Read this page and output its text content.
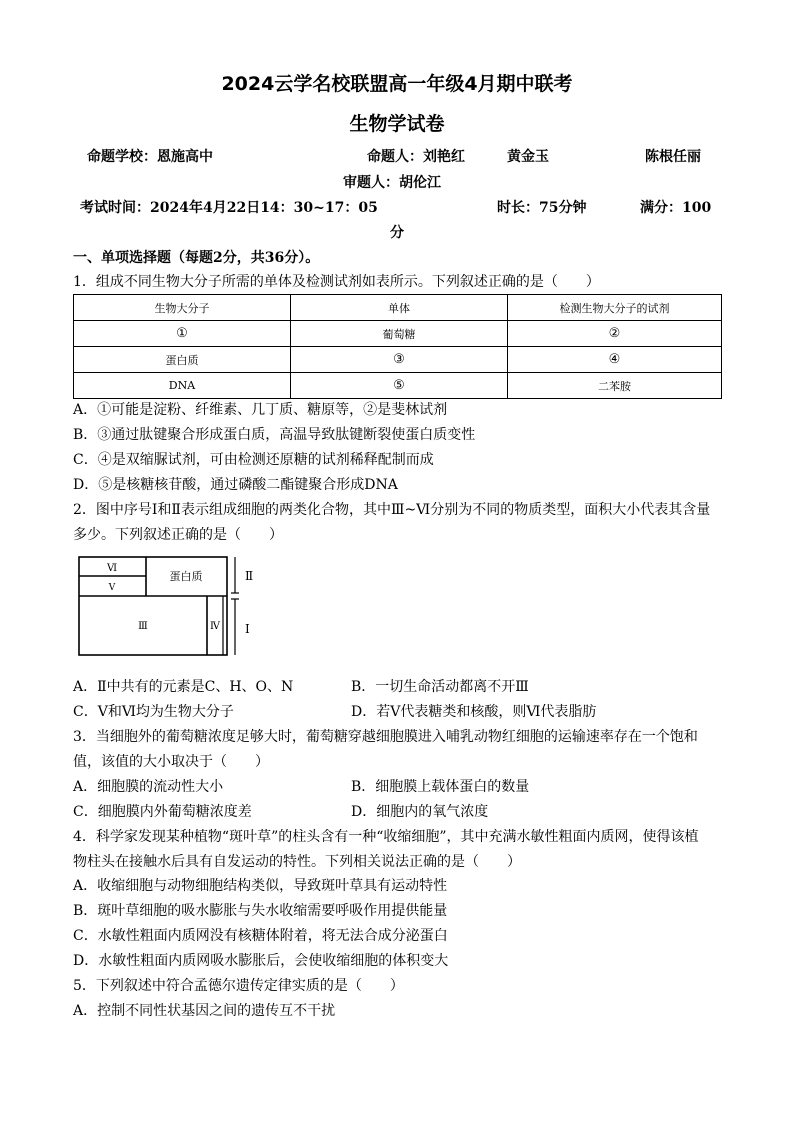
2024云学名校联盟高一年级4月期中联考
生物学试卷
命题学校：恩施高中	命题人：刘艳红	黄金玉	陈根任丽
审题人：胡伦江
考试时间：2024年4月22日14：30~17：05	时长：75分钟	满分：100
分
一、单项选择题（每题2分，共36分）。
1．组成不同生物大分子所需的单体及检测试剂如表所示。下列叙述正确的是（　　）
生物大分子	单体	检测生物大分子的试剂
①	葡萄糖	②
蛋白质	③	④
DNA	⑤	二苯胺
A．①可能是淀粉、纤维素、几丁质、糖原等，②是斐林试剂
B．③通过肽键聚合形成蛋白质，高温导致肽键断裂使蛋白质变性
C．④是双缩脲试剂，可由检测还原糖的试剂稀释配制而成
D．⑤是核糖核苷酸，通过磷酸二酯键聚合形成DNA
2．图中序号Ⅰ和Ⅱ表示组成细胞的两类化合物，其中Ⅲ~Ⅵ分别为不同的物质类型，面积大小代表其含量
多少。下列叙述正确的是（　　）
Ⅵ
Ⅴ
蛋白质
Ⅲ	Ⅳ
Ⅱ
Ⅰ
A．Ⅱ中共有的元素是C、H、O、N	B．一切生命活动都离不开Ⅲ
C．Ⅴ和Ⅵ均为生物大分子	D．若Ⅴ代表糖类和核酸，则Ⅵ代表脂肪
3．当细胞外的葡萄糖浓度足够大时，葡萄糖穿越细胞膜进入哺乳动物红细胞的运输速率存在一个饱和
值，该值的大小取决于（　　）
A．细胞膜的流动性大小	B．细胞膜上载体蛋白的数量
C．细胞膜内外葡萄糖浓度差	D．细胞内的氧气浓度
4．科学家发现某种植物“斑叶草”的柱头含有一种“收缩细胞”，其中充满水敏性粗面内质网，使得该植
物柱头在接触水后具有自发运动的特性。下列相关说法正确的是（　　）
A．收缩细胞与动物细胞结构类似，导致斑叶草具有运动特性
B．斑叶草细胞的吸水膨胀与失水收缩需要呼吸作用提供能量
C．水敏性粗面内质网没有核糖体附着，将无法合成分泌蛋白
D．水敏性粗面内质网吸水膨胀后，会使收缩细胞的体积变大
5．下列叙述中符合孟德尔遗传定律实质的是（　　）
A．控制不同性状基因之间的遗传互不干扰
